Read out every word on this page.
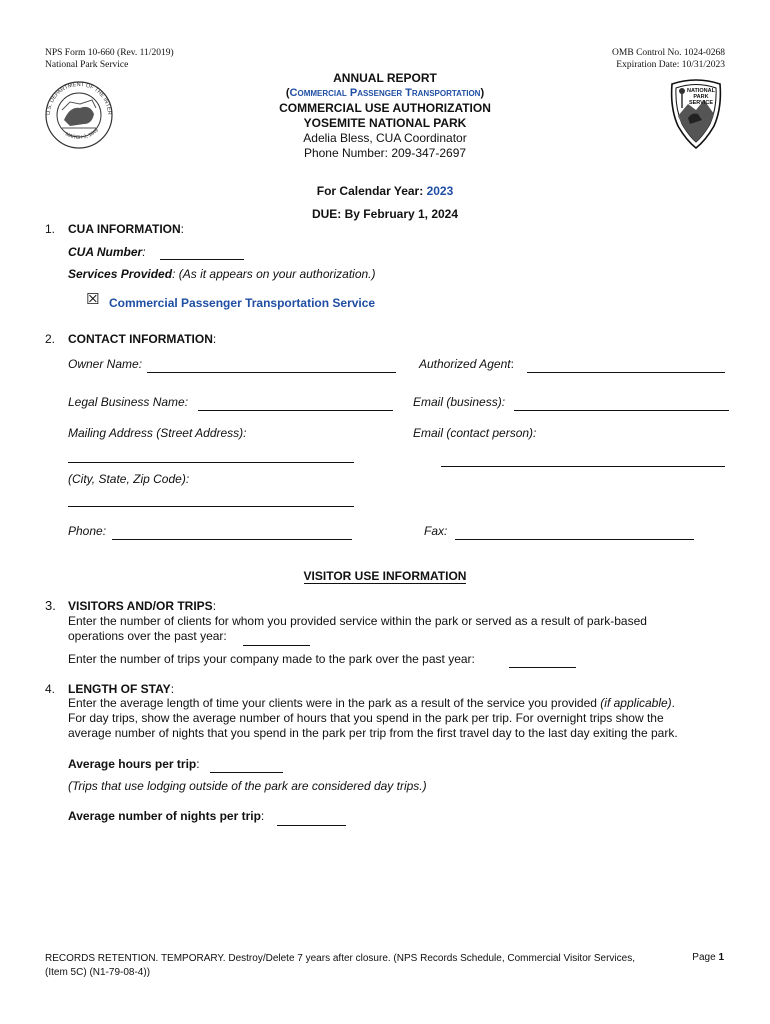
NPS Form 10-660 (Rev. 11/2019)
National Park Service
OMB Control No. 1024-0268
Expiration Date: 10/31/2023
U.S. DEPARTMENT OF THE INTER
MARCH 3, 1849
NATIONAL
PARK
SERVICE
ANNUAL REPORT
(Commercial Passenger Transportation)
COMMERCIAL USE AUTHORIZATION
YOSEMITE NATIONAL PARK
Adelia Bless, CUA Coordinator
Phone Number: 209-347-2697
For Calendar Year: 2023
DUE: By February 1, 2024
1. CUA INFORMATION:
CUA Number:
Services Provided: (As it appears on your authorization.)
☒ Commercial Passenger Transportation Service
2. CONTACT INFORMATION:
Owner Name:	Authorized Agent:
Legal Business Name:	Email (business):
Mailing Address (Street Address):	Email (contact person):
(City, State, Zip Code):
Phone:	Fax:
VISITOR USE INFORMATION
3. VISITORS AND/OR TRIPS:
Enter the number of clients for whom you provided service within the park or served as a result of park-based
operations over the past year:
Enter the number of trips your company made to the park over the past year:
4. LENGTH OF STAY:
Enter the average length of time your clients were in the park as a result of the service you provided (if applicable).
For day trips, show the average number of hours that you spend in the park per trip. For overnight trips show the
average number of nights that you spend in the park per trip from the first travel day to the last day exiting the park.
Average hours per trip:
(Trips that use lodging outside of the park are considered day trips.)
Average number of nights per trip:
RECORDS RETENTION. TEMPORARY. Destroy/Delete 7 years after closure. (NPS Records Schedule, Commercial Visitor Services,
(Item 5C) (N1-79-08-4))
Page 1
